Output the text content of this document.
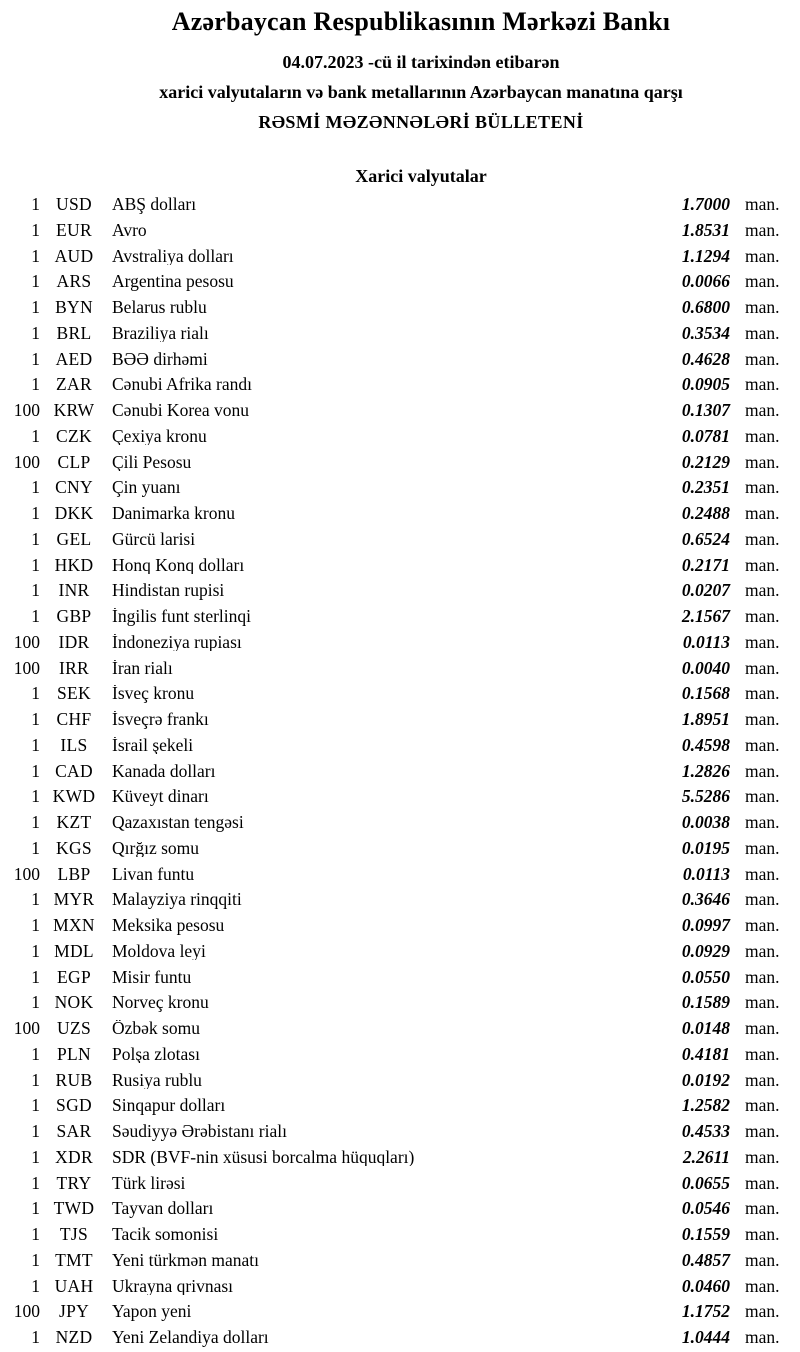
Azərbaycan Respublikasının Mərkəzi Bankı
04.07.2023 -cü il tarixindən etibarən
xarici valyutaların və bank metallarının Azərbaycan manatına qarşı
RƏSMİ MƏZƏNNƏLƏRİ BÜLLETENİ
Xarici valyutalar
1 USD	ABŞ dolları	1.7000 man.
1 EUR	Avro	1.8531 man.
1 AUD	Avstraliya dolları	1.1294 man.
1 ARS	Argentina pesosu	0.0066 man.
1 BYN	Belarus rublu	0.6800 man.
1 BRL	Braziliya rialı	0.3534 man.
1 AED	BƏƏ dirhəmi	0.4628 man.
1 ZAR	Cənubi Afrika randı	0.0905 man.
100 KRW	Cənubi Korea vonu	0.1307 man.
1 CZK	Çexiya kronu	0.0781 man.
100	CLP	Çili Pesosu	0.2129 man.
1 CNY	Çin yuanı	0.2351 man.
1 DKK	Danimarka kronu	0.2488 man.
1 GEL	Gürcü larisi	0.6524 man.
1 HKD	Honq Konq dolları	0.2171 man.
1	INR	Hindistan rupisi	0.0207 man.
1 GBP	İngilis funt sterlinqi	2.1567 man.
100	IDR	İndoneziya rupiası	0.0113 man.
100	IRR	İran rialı	0.0040 man.
1 SEK	İsveç kronu	0.1568 man.
1 CHF	İsveçrə frankı	1.8951 man.
1	ILS	İsrail şekeli	0.4598 man.
1 CAD	Kanada dolları	1.2826 man.
1 KWD Küveyt dinarı	5.5286 man.
1 KZT	Qazaxıstan tengəsi	0.0038 man.
1 KGS	Qırğız somu	0.0195 man.
100	LBP	Livan funtu	0.0113 man.
1 MYR	Malayziya rinqqiti	0.3646 man.
1 MXN Meksika pesosu	0.0997 man.
1 MDL	Moldova leyi	0.0929 man.
1 EGP	Misir funtu	0.0550 man.
1 NOK	Norveç kronu	0.1589 man.
100 UZS	Özbək somu	0.0148 man.
1 PLN	Polşa zlotası	0.4181 man.
1 RUB	Rusiya rublu	0.0192 man.
1 SGD	Sinqapur dolları	1.2582 man.
1 SAR	Səudiyyə Ərəbistanı rialı	0.4533 man.
1 XDR	SDR (BVF-nin xüsusi borcalma hüquqları)	2.2611 man.
1 TRY	Türk lirəsi	0.0655 man.
1 TWD	Tayvan dolları	0.0546 man.
1	TJS	Tacik somonisi	0.1559 man.
1 TMT	Yeni türkmən manatı	0.4857 man.
1 UAH	Ukrayna qrivnası	0.0460 man.
100	JPY	Yapon yeni	1.1752 man.
1 NZD	Yeni Zelandiya dolları	1.0444 man.
